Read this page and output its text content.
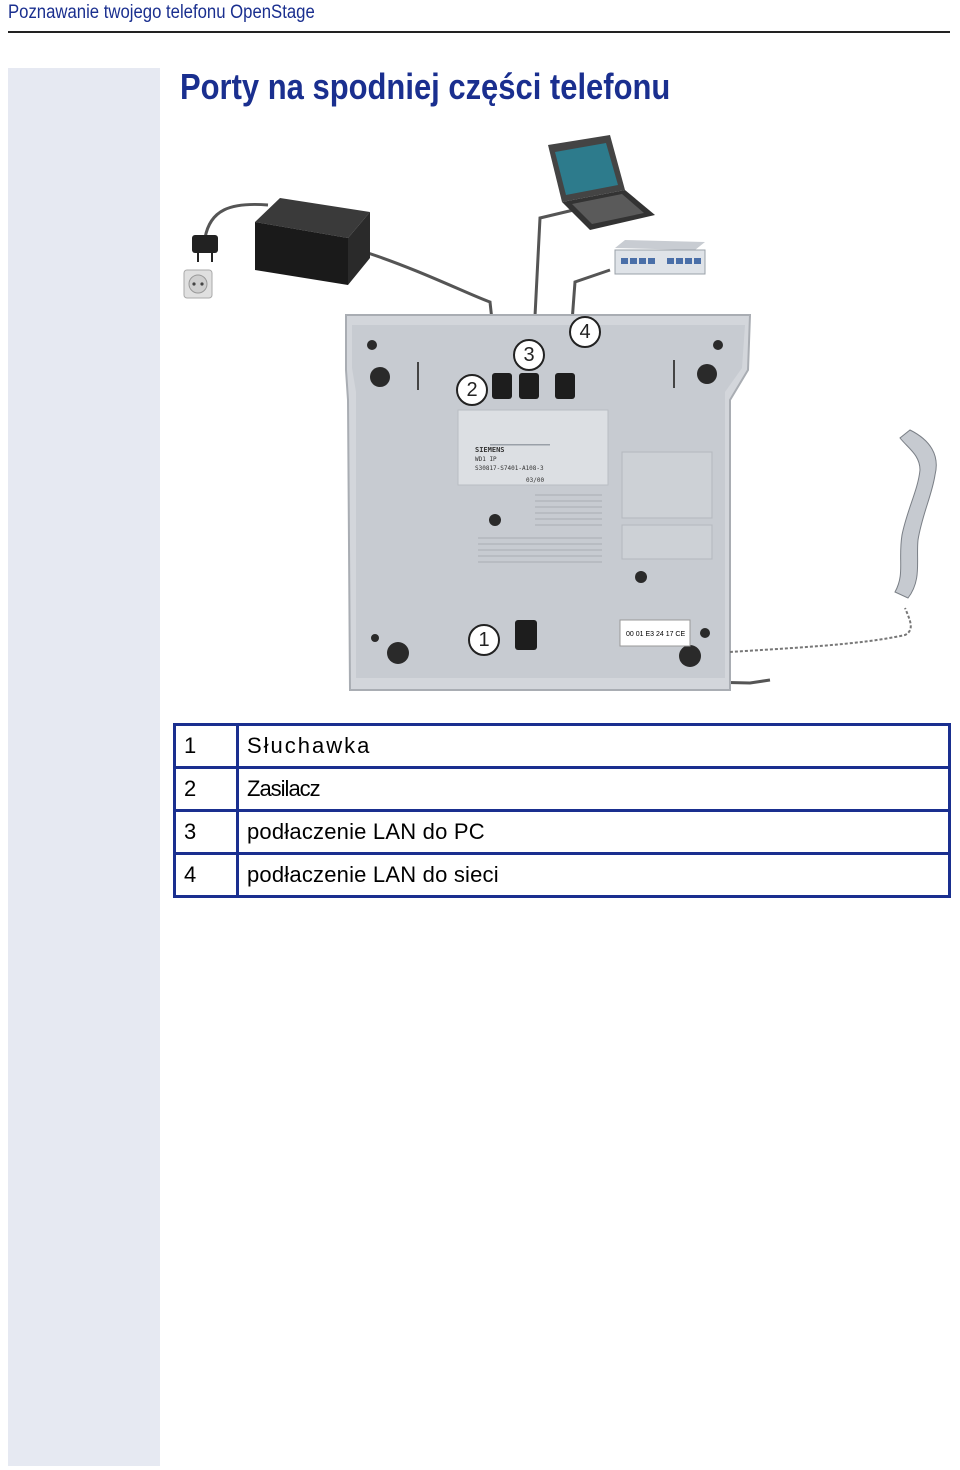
Poznawanie twojego telefonu OpenStage
Porty na spodniej części telefonu
SIEMENS
WD1 IP
S30817-S7401-A108-3
03/00
00 01 E3 24 17 CE
2
3
4
1
1	Słuchawka
2	Zasilacz
3	podłaczenie LAN do PC
4	podłaczenie LAN do sieci
